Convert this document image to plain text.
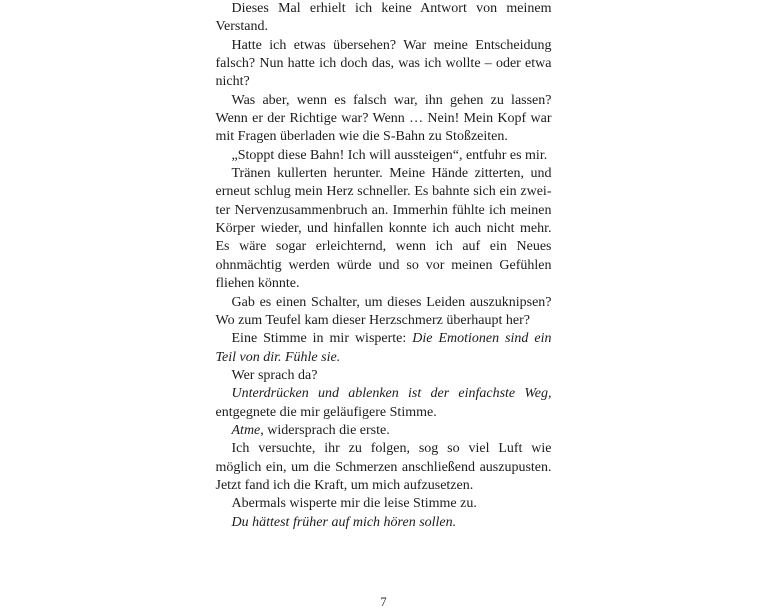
Dieses Mal erhielt ich keine Antwort von meinem Verstand.

Hatte ich etwas übersehen? War meine Entscheidung falsch? Nun hatte ich doch das, was ich wollte – oder etwa nicht?

Was aber, wenn es falsch war, ihn gehen zu lassen? Wenn er der Richtige war? Wenn … Nein! Mein Kopf war mit Fragen überladen wie die S-Bahn zu Stoßzeiten.

„Stoppt diese Bahn! Ich will aussteigen“, entfuhr es mir.

Tränen kullerten herunter. Meine Hände zitterten, und erneut schlug mein Herz schneller. Es bahnte sich ein zweiter Nervenzusammenbruch an. Immerhin fühlte ich meinen Körper wieder, und hinfallen konnte ich auch nicht mehr. Es wäre sogar erleichternd, wenn ich auf ein Neues ohnmächtig werden würde und so vor meinen Gefühlen fliehen könnte.

Gab es einen Schalter, um dieses Leiden auszuknipsen? Wo zum Teufel kam dieser Herzschmerz überhaupt her?

Eine Stimme in mir wisperte: Die Emotionen sind ein Teil von dir. Fühle sie.

Wer sprach da?

Unterdrücken und ablenken ist der einfachste Weg, entgegnete die mir geläufigere Stimme.

Atme, widersprach die erste.

Ich versuchte, ihr zu folgen, sog so viel Luft wie möglich ein, um die Schmerzen anschließend auszupusten. Jetzt fand ich die Kraft, um mich aufzusetzen.

Abermals wisperte mir die leise Stimme zu.

Du hättest früher auf mich hören sollen.

7
